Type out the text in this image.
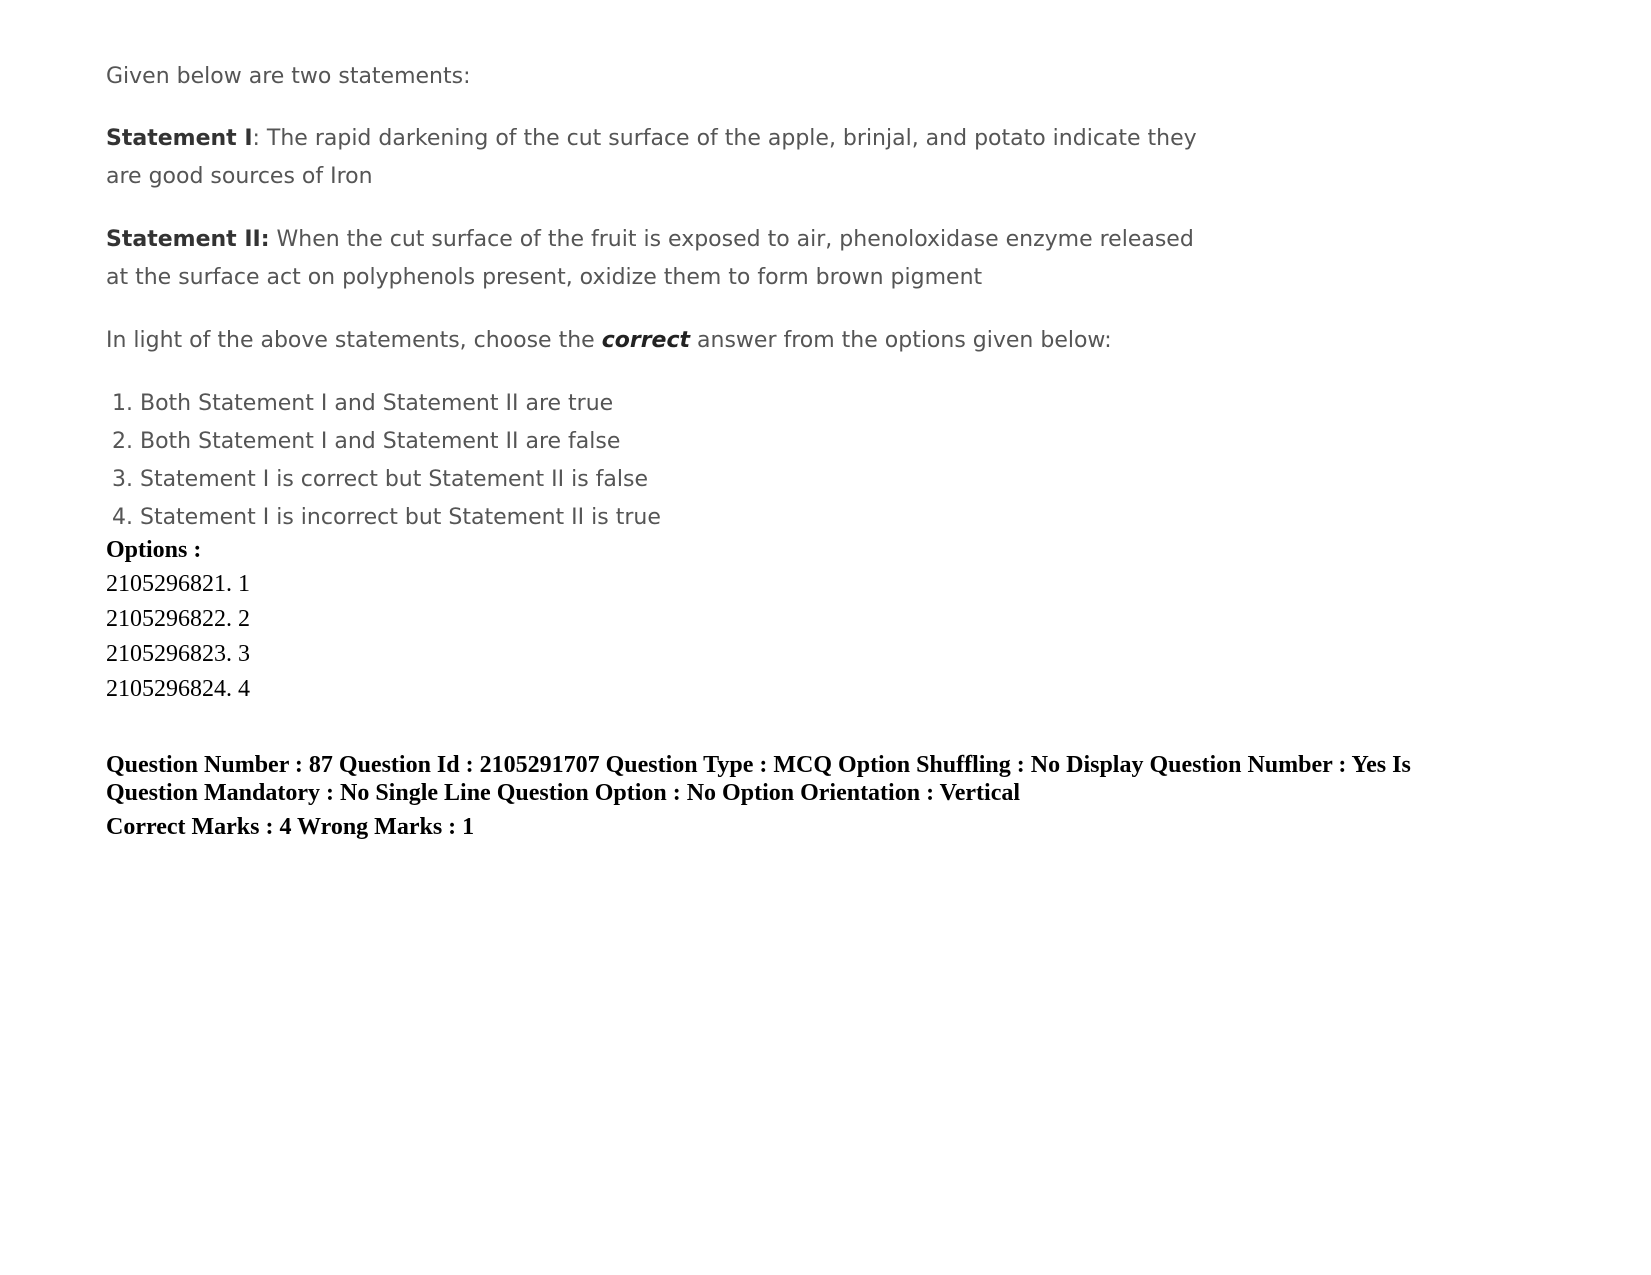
Given below are two statements:

Statement I: The rapid darkening of the cut surface of the apple, brinjal, and potato indicate they are good sources of Iron

Statement II: When the cut surface of the fruit is exposed to air, phenoloxidase enzyme released at the surface act on polyphenols present, oxidize them to form brown pigment

In light of the above statements, choose the correct answer from the options given below:

1. Both Statement I and Statement II are true
2. Both Statement I and Statement II are false
3. Statement I is correct but Statement II is false
4. Statement I is incorrect but Statement II is true
Options :
2105296821. 1
2105296822. 2
2105296823. 3
2105296824. 4
Question Number : 87 Question Id : 2105291707 Question Type : MCQ Option Shuffling : No Display Question Number : Yes Is Question Mandatory : No Single Line Question Option : No Option Orientation : Vertical
Correct Marks : 4 Wrong Marks : 1
